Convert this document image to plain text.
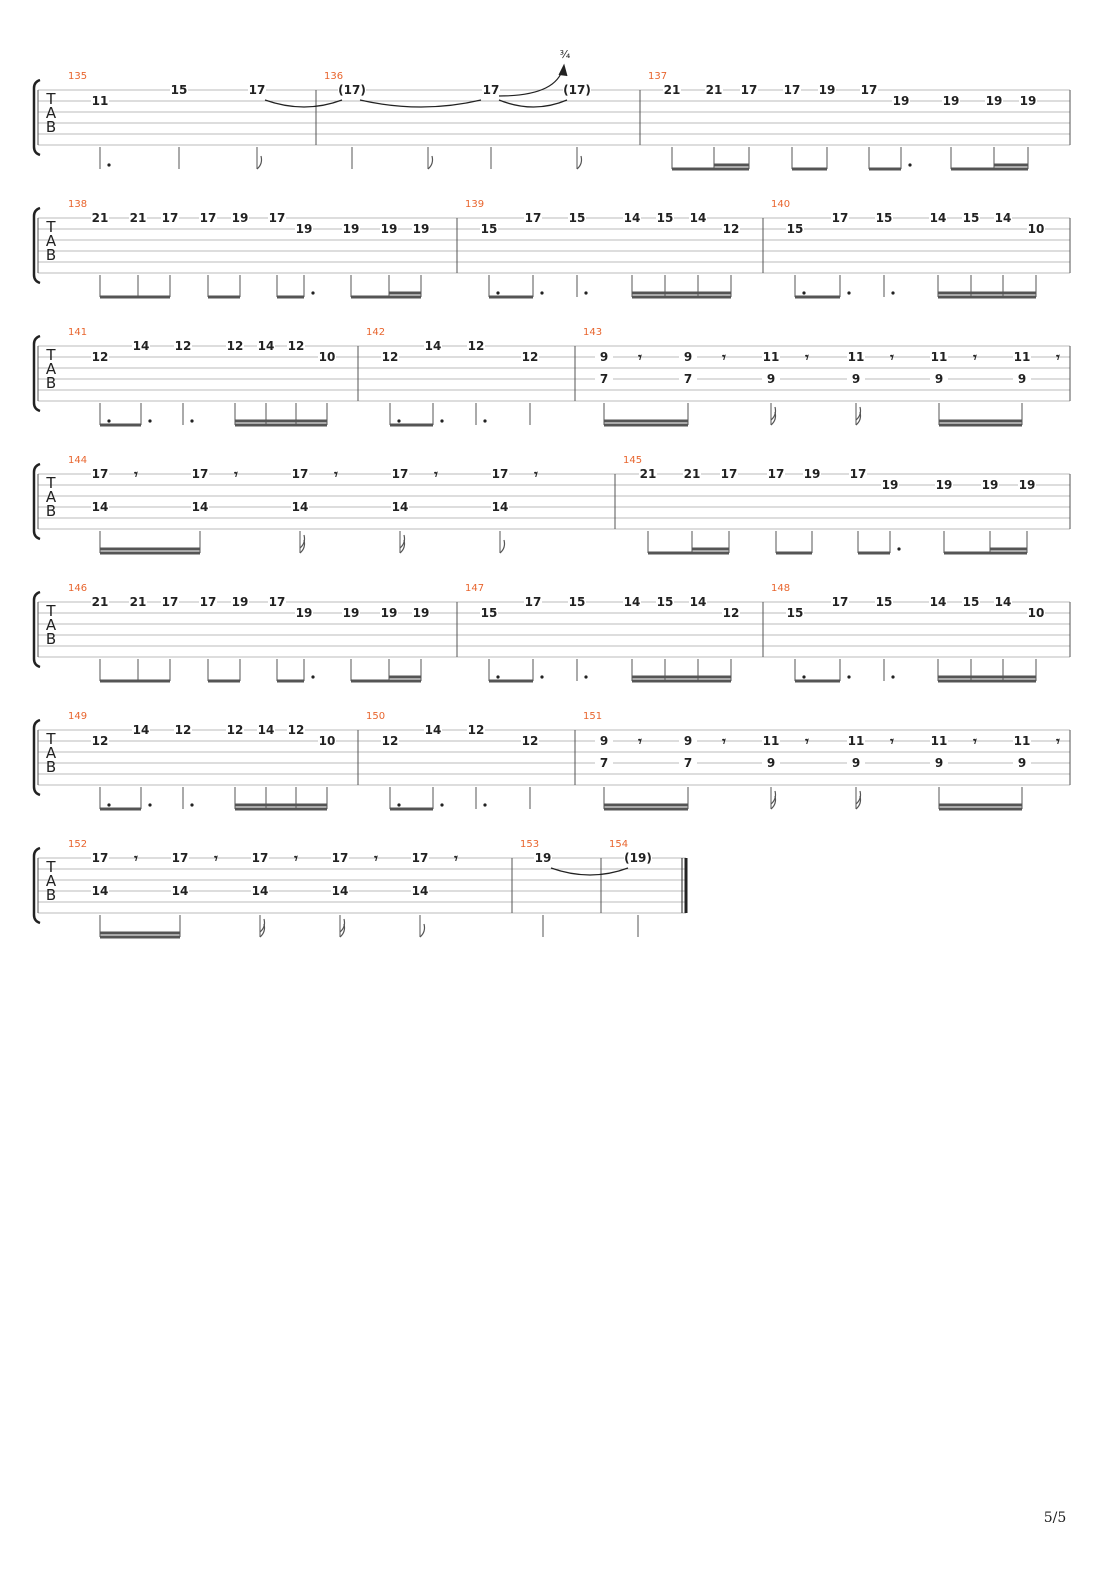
T
A
B
135
11
15	17
136
(17)	17
¾
(17)
137
21 21 17 17 19 17
19	19 19 19
T
A
B
138
21 21 17 17 19 17
19	19 19 19
139
15
17 15	14 15 14
12
140
15
17 15	14 15 14
10
T
A
B
141
12
14 12	12 14 12
10
142
12
14 12
12
143
9
7
𝄾	9
7
𝄾	11
9
𝄾	11
9
𝄾	11
9
𝄾	11
9
𝄾
T
A
B
144
17
14
𝄾	17
14
𝄾	17
14
𝄾	17
14
𝄾	17
14
𝄾
145
21 21 17	17 19 17
19	19 19 19
T
A
B
146
21 21 17 17 19 17
19	19 19 19
147
15
17 15	14 15 14
12
148
15
17 15	14 15 14
10
T
A
B
149
12
14 12	12 14 12
10
150
12
14 12
12
151
9
7
𝄾	9
7
𝄾	11
9
𝄾	11
9
𝄾	11
9
𝄾	11
9
𝄾
T
A
B
152
17
14
𝄾	17
14
𝄾	17
14
𝄾	17
14
𝄾	17
14
𝄾
153
19
154
(19)
5/5
